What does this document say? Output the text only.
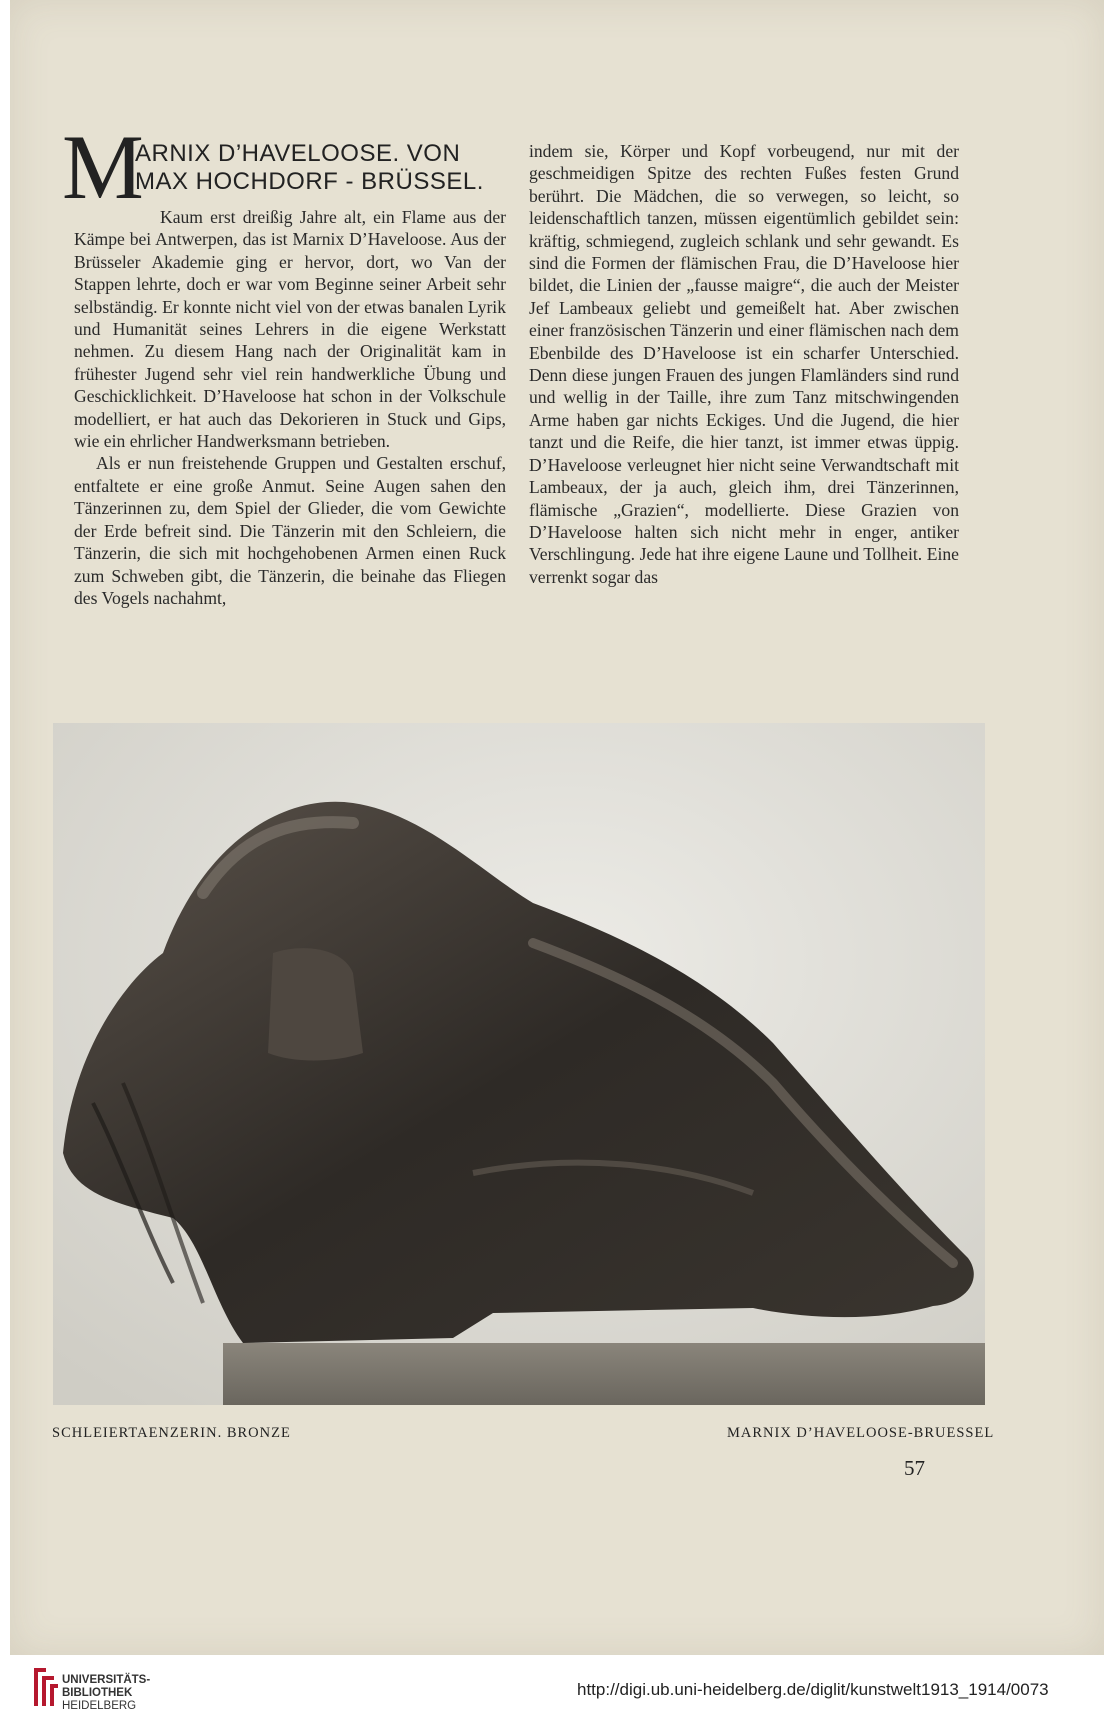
M
ARNIX D’HAVELOOSE. VON
MAX HOCHDORF - BRÜSSEL.

Kaum erst dreißig Jahre alt, ein Flame aus der Kämpe bei Antwerpen, das ist Marnix D’Haveloose. Aus der Brüsseler Akademie ging er hervor, dort, wo Van der Stappen lehrte, doch er war vom Beginne seiner Arbeit sehr selbständig. Er konnte nicht viel von der etwas banalen Lyrik und Humanität seines Lehrers in die eigene Werkstatt nehmen. Zu diesem Hang nach der Originalität kam in frühester Jugend sehr viel rein handwerkliche Übung und Geschicklichkeit. D’Haveloose hat schon in der Volkschule modelliert, er hat auch das Dekorieren in Stuck und Gips, wie ein ehrlicher Handwerksmann betrieben.

Als er nun freistehende Gruppen und Gestalten erschuf, entfaltete er eine große Anmut. Seine Augen sahen den Tänzerinnen zu, dem Spiel der Glieder, die vom Gewichte der Erde befreit sind. Die Tänzerin mit den Schleiern, die Tänzerin, die sich mit hochgehobenen Armen einen Ruck zum Schweben gibt, die Tänzerin, die beinahe das Fliegen des Vogels nachahmt,

indem sie, Körper und Kopf vorbeugend, nur mit der geschmeidigen Spitze des rechten Fußes festen Grund berührt. Die Mädchen, die so verwegen, so leicht, so leidenschaftlich tanzen, müssen eigentümlich gebildet sein: kräftig, schmiegend, zugleich schlank und sehr gewandt. Es sind die Formen der flämischen Frau, die D’Haveloose hier bildet, die Linien der „fausse maigre“, die auch der Meister Jef Lambeaux geliebt und gemeißelt hat. Aber zwischen einer französischen Tänzerin und einer flämischen nach dem Ebenbilde des D’Haveloose ist ein scharfer Unterschied. Denn diese jungen Frauen des jungen Flamländers sind rund und wellig in der Taille, ihre zum Tanz mitschwingenden Arme haben gar nichts Eckiges. Und die Jugend, die hier tanzt und die Reife, die hier tanzt, ist immer etwas üppig. D’Haveloose verleugnet hier nicht seine Verwandtschaft mit Lambeaux, der ja auch, gleich ihm, drei Tänzerinnen, flämische „Grazien“, modellierte. Diese Grazien von D’Haveloose halten sich nicht mehr in enger, antiker Verschlingung. Jede hat ihre eigene Laune und Tollheit. Eine verrenkt sogar das

SCHLEIERTAENZERIN. BRONZE	MARNIX D’HAVELOOSE-BRUESSEL
57
UNIVERSITÄTS-
BIBLIOTHEK
HEIDELBERG
http://digi.ub.uni-heidelberg.de/diglit/kunstwelt1913_1914/0073
